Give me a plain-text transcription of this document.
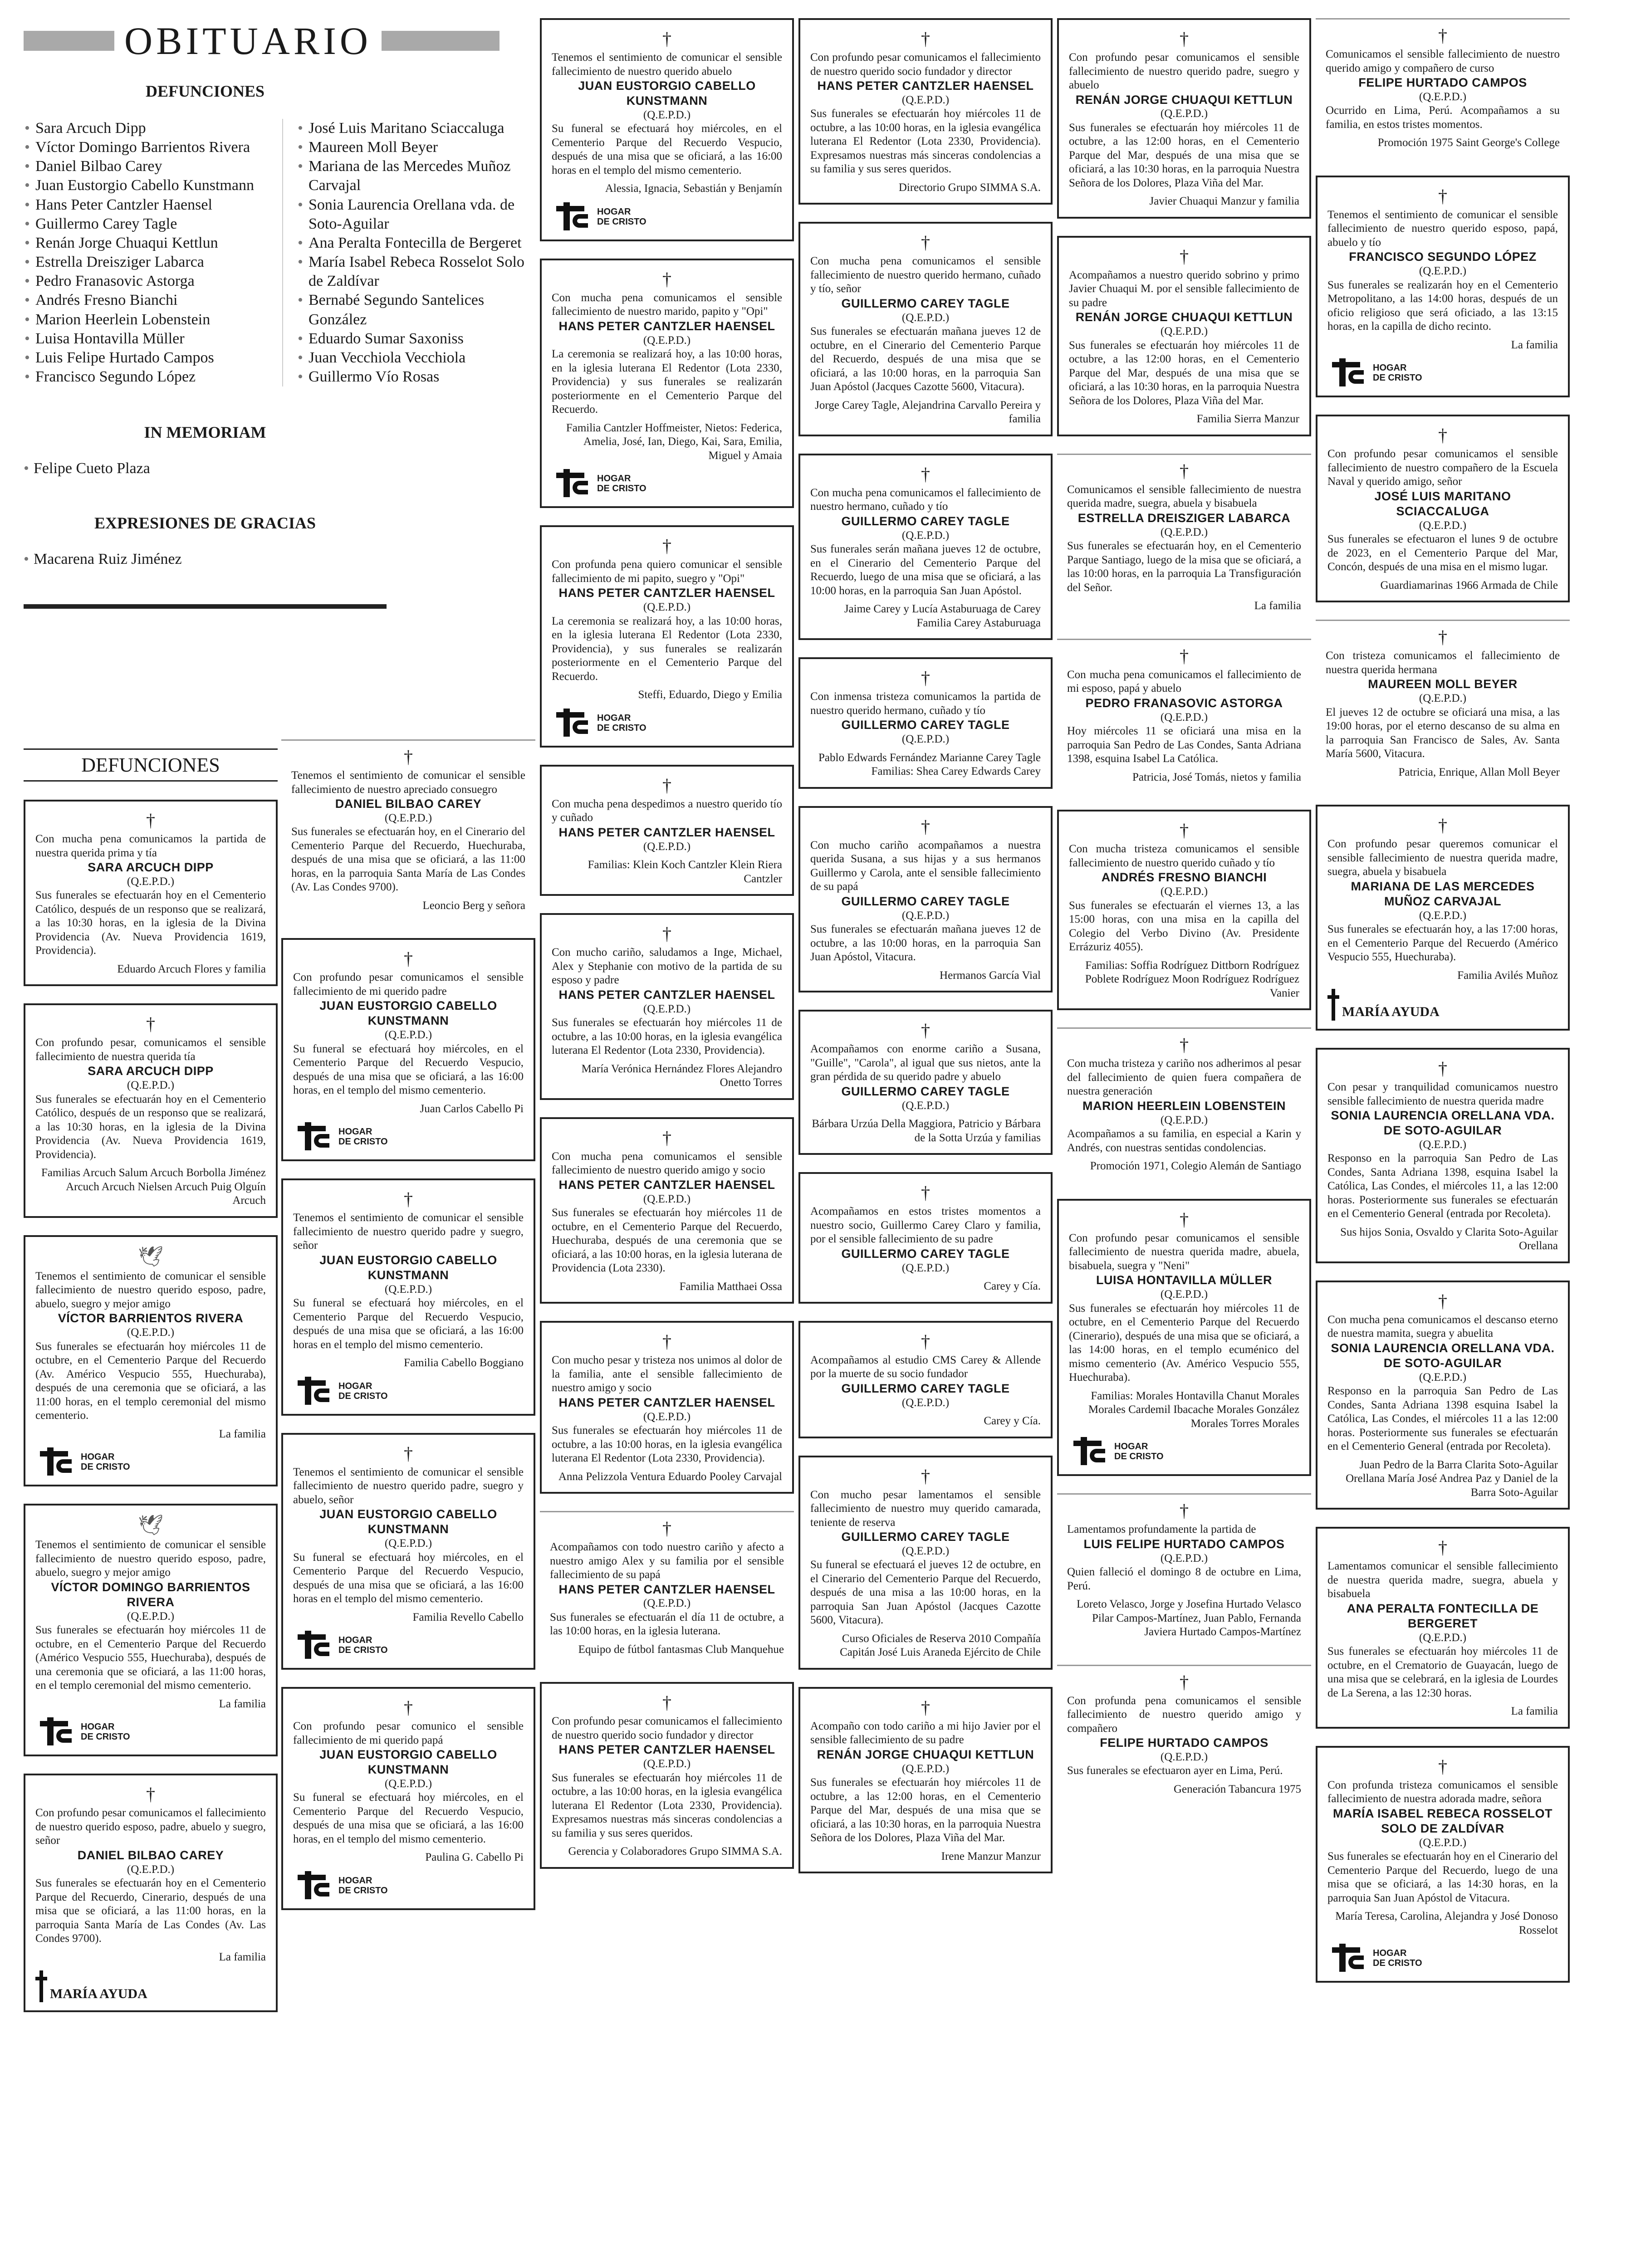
OBITUARIO
DEFUNCIONES
• Sara Arcuch Dipp
• Víctor Domingo Barrientos Rivera
• Daniel Bilbao Carey
• Juan Eustorgio Cabello Kunstmann
• Hans Peter Cantzler Haensel
• Guillermo Carey Tagle
• Renán Jorge Chuaqui Kettlun
• Estrella Dreisziger Labarca
• Pedro Franasovic Astorga
• Andrés Fresno Bianchi
• Marion Heerlein Lobenstein
• Luisa Hontavilla Müller
• Luis Felipe Hurtado Campos
• Francisco Segundo López
• José Luis Maritano Sciaccaluga
• Maureen Moll Beyer
• Mariana de las Mercedes Muñoz Carvajal
• Sonia Laurencia Orellana vda. de Soto-Aguilar
• Ana Peralta Fontecilla de Bergeret
• María Isabel Rebeca Rosselot Solo de Zaldívar
• Bernabé Segundo Santelices González
• Eduardo Sumar Saxoniss
• Juan Vecchiola Vecchiola
• Guillermo Vío Rosas
IN MEMORIAM
• Felipe Cueto Plaza
EXPRESIONES DE GRACIAS
• Macarena Ruiz Jiménez
DEFUNCIONES
†

Con mucha pena comunicamos la partida de nuestra querida prima y tía

SARA ARCUCH DIPP
(Q.E.P.D.)

Sus funerales se efectuarán hoy en el Cementerio Católico, después de un responso que se realizará, a las 10:30 horas, en la iglesia de la Divina Providencia (Av. Nueva Providencia 1619, Providencia).

Eduardo Arcuch Flores y familia
†

Con profundo pesar, comunicamos el sensible fallecimiento de nuestra querida tía

SARA ARCUCH DIPP
(Q.E.P.D.)

Sus funerales se efectuarán hoy en el Cementerio Católico, después de un responso que se realizará, a las 10:30 horas, en la iglesia de la Divina Providencia (Av. Nueva Providencia 1619, Providencia).

Familias Arcuch Salum Arcuch Borbolla Jiménez Arcuch Arcuch Nielsen Arcuch Puig Olguín Arcuch
🕊

Tenemos el sentimiento de comunicar el sensible fallecimiento de nuestro querido esposo, padre, abuelo, suegro y mejor amigo

VÍCTOR BARRIENTOS RIVERA
(Q.E.P.D.)

Sus funerales se efectuarán hoy miércoles 11 de octubre, en el Cementerio Parque del Recuerdo (Av. Américo Vespucio 555, Huechuraba), después de una ceremonia que se oficiará, a las 11:00 horas, en el templo ceremonial del mismo cementerio.

La familia
HOGAR
DE CRISTO
🕊

Tenemos el sentimiento de comunicar el sensible fallecimiento de nuestro querido esposo, padre, abuelo, suegro y mejor amigo

VÍCTOR DOMINGO BARRIENTOS RIVERA
(Q.E.P.D.)

Sus funerales se efectuarán hoy miércoles 11 de octubre, en el Cementerio Parque del Recuerdo (Américo Vespucio 555, Huechuraba), después de una ceremonia que se oficiará, a las 11:00 horas, en el templo ceremonial del mismo cementerio.

La familia
HOGAR
DE CRISTO
†

Con profundo pesar comunicamos el fallecimiento de nuestro querido esposo, padre, abuelo y suegro, señor

DANIEL BILBAO CAREY
(Q.E.P.D.)

Sus funerales se efectuarán hoy en el Cementerio Parque del Recuerdo, Cinerario, después de una misa que se oficiará, a las 11:00 horas, en la parroquia Santa María de Las Condes (Av. Las Condes 9700).

La familia
MARÍA AYUDA
†

Tenemos el sentimiento de comunicar el sensible fallecimiento de nuestro apreciado consuegro

DANIEL BILBAO CAREY
(Q.E.P.D.)

Sus funerales se efectuarán hoy, en el Cinerario del Cementerio Parque del Recuerdo, Huechuraba, después de una misa que se oficiará, a las 11:00 horas, en la parroquia Santa María de Las Condes (Av. Las Condes 9700).

Leoncio Berg y señora
†

Con profundo pesar comunicamos el sensible fallecimiento de mi querido padre

JUAN EUSTORGIO CABELLO KUNSTMANN
(Q.E.P.D.)

Su funeral se efectuará hoy miércoles, en el Cementerio Parque del Recuerdo Vespucio, después de una misa que se oficiará, a las 16:00 horas, en el templo del mismo cementerio.

Juan Carlos Cabello Pi
HOGAR
DE CRISTO
†

Tenemos el sentimiento de comunicar el sensible fallecimiento de nuestro querido padre y suegro, señor

JUAN EUSTORGIO CABELLO KUNSTMANN
(Q.E.P.D.)

Su funeral se efectuará hoy miércoles, en el Cementerio Parque del Recuerdo Vespucio, después de una misa que se oficiará, a las 16:00 horas en el templo del mismo cementerio.

Familia Cabello Boggiano
HOGAR
DE CRISTO
†

Tenemos el sentimiento de comunicar el sensible fallecimiento de nuestro querido padre, suegro y abuelo, señor

JUAN EUSTORGIO CABELLO KUNSTMANN
(Q.E.P.D.)

Su funeral se efectuará hoy miércoles, en el Cementerio Parque del Recuerdo Vespucio, después de una misa que se oficiará, a las 16:00 horas en el templo del mismo cementerio.

Familia Revello Cabello
HOGAR
DE CRISTO
†

Con profundo pesar comunico el sensible fallecimiento de mi querido papá

JUAN EUSTORGIO CABELLO KUNSTMANN
(Q.E.P.D.)

Su funeral se efectuará hoy miércoles, en el Cementerio Parque del Recuerdo Vespucio, después de una misa que se oficiará, a las 16:00 horas, en el templo del mismo cementerio.

Paulina G. Cabello Pi
HOGAR
DE CRISTO
†

Tenemos el sentimiento de comunicar el sensible fallecimiento de nuestro querido abuelo

JUAN EUSTORGIO CABELLO KUNSTMANN
(Q.E.P.D.)

Su funeral se efectuará hoy miércoles, en el Cementerio Parque del Recuerdo Vespucio, después de una misa que se oficiará, a las 16:00 horas en el templo del mismo cementerio.

Alessia, Ignacia, Sebastián y Benjamín
HOGAR
DE CRISTO
†

Con mucha pena comunicamos el sensible fallecimiento de nuestro marido, papito y "Opi"

HANS PETER CANTZLER HAENSEL
(Q.E.P.D.)

La ceremonia se realizará hoy, a las 10:00 horas, en la iglesia luterana El Redentor (Lota 2330, Providencia) y sus funerales se realizarán posteriormente en el Cementerio Parque del Recuerdo.

Familia Cantzler Hoffmeister, Nietos: Federica, Amelia, José, Ian, Diego, Kai, Sara, Emilia, Miguel y Amaia
HOGAR
DE CRISTO
†

Con profunda pena quiero comunicar el sensible fallecimiento de mi papito, suegro y "Opi"

HANS PETER CANTZLER HAENSEL
(Q.E.P.D.)

La ceremonia se realizará hoy, a las 10:00 horas, en la iglesia luterana El Redentor (Lota 2330, Providencia), y sus funerales se realizarán posteriormente en el Cementerio Parque del Recuerdo.

Steffi, Eduardo, Diego y Emilia
HOGAR
DE CRISTO
†

Con mucha pena despedimos a nuestro querido tío y cuñado

HANS PETER CANTZLER HAENSEL
(Q.E.P.D.)
Familias: Klein Koch Cantzler Klein Riera Cantzler
†

Con mucho cariño, saludamos a Inge, Michael, Alex y Stephanie con motivo de la partida de su esposo y padre

HANS PETER CANTZLER HAENSEL
(Q.E.P.D.)

Sus funerales se efectuarán hoy miércoles 11 de octubre, a las 10:00 horas, en la iglesia evangélica luterana El Redentor (Lota 2330, Providencia).

María Verónica Hernández Flores Alejandro Onetto Torres
†

Con mucha pena comunicamos el sensible fallecimiento de nuestro querido amigo y socio

HANS PETER CANTZLER HAENSEL
(Q.E.P.D.)

Sus funerales se efectuarán hoy miércoles 11 de octubre, en el Cementerio Parque del Recuerdo, Huechuraba, después de una ceremonia que se oficiará, a las 10:00 horas, en la iglesia luterana de Providencia (Lota 2330).

Familia Matthaei Ossa
†

Con mucho pesar y tristeza nos unimos al dolor de la familia, ante el sensible fallecimiento de nuestro amigo y socio

HANS PETER CANTZLER HAENSEL
(Q.E.P.D.)

Sus funerales se efectuarán hoy miércoles 11 de octubre, a las 10:00 horas, en la iglesia evangélica luterana El Redentor (Lota 2330, Providencia).

Anna Pelizzola Ventura Eduardo Pooley Carvajal
†

Acompañamos con todo nuestro cariño y afecto a nuestro amigo Alex y su familia por el sensible fallecimiento de su papá

HANS PETER CANTZLER HAENSEL
(Q.E.P.D.)

Sus funerales se efectuarán el día 11 de octubre, a las 10:00 horas, en la iglesia luterana.

Equipo de fútbol fantasmas Club Manquehue
†

Con profundo pesar comunicamos el fallecimiento de nuestro querido socio fundador y director

HANS PETER CANTZLER HAENSEL
(Q.E.P.D.)

Sus funerales se efectuarán hoy miércoles 11 de octubre, a las 10:00 horas, en la iglesia evangélica luterana El Redentor (Lota 2330, Providencia). Expresamos nuestras más sinceras condolencias a su familia y sus seres queridos.

Gerencia y Colaboradores Grupo SIMMA S.A.
†

Con profundo pesar comunicamos el fallecimiento de nuestro querido socio fundador y director

HANS PETER CANTZLER HAENSEL
(Q.E.P.D.)

Sus funerales se efectuarán hoy miércoles 11 de octubre, a las 10:00 horas, en la iglesia evangélica luterana El Redentor (Lota 2330, Providencia). Expresamos nuestras más sinceras condolencias a su familia y sus seres queridos.

Directorio Grupo SIMMA S.A.
†

Con mucha pena comunicamos el sensible fallecimiento de nuestro querido hermano, cuñado y tío, señor

GUILLERMO CAREY TAGLE
(Q.E.P.D.)

Sus funerales se efectuarán mañana jueves 12 de octubre, en el Cinerario del Cementerio Parque del Recuerdo, después de una misa que se oficiará, a las 10:00 horas, en la parroquia San Juan Apóstol (Jacques Cazotte 5600, Vitacura).

Jorge Carey Tagle, Alejandrina Carvallo Pereira y familia
†

Con mucha pena comunicamos el fallecimiento de nuestro hermano, cuñado y tío

GUILLERMO CAREY TAGLE
(Q.E.P.D.)

Sus funerales serán mañana jueves 12 de octubre, en el Cinerario del Cementerio Parque del Recuerdo, luego de una misa que se oficiará, a las 10:00 horas, en la parroquia San Juan Apóstol.

Jaime Carey y Lucía Astaburuaga de Carey Familia Carey Astaburuaga
†

Con inmensa tristeza comunicamos la partida de nuestro querido hermano, cuñado y tío

GUILLERMO CAREY TAGLE
(Q.E.P.D.)
Pablo Edwards Fernández Marianne Carey Tagle Familias: Shea Carey Edwards Carey
†

Con mucho cariño acompañamos a nuestra querida Susana, a sus hijas y a sus hermanos Guillermo y Carola, ante el sensible fallecimiento de su papá

GUILLERMO CAREY TAGLE
(Q.E.P.D.)

Sus funerales se efectuarán mañana jueves 12 de octubre, a las 10:00 horas, en la parroquia San Juan Apóstol, Vitacura.

Hermanos García Vial
†

Acompañamos con enorme cariño a Susana, "Guille", "Carola", al igual que sus nietos, ante la gran pérdida de su querido padre y abuelo

GUILLERMO CAREY TAGLE
(Q.E.P.D.)
Bárbara Urzúa Della Maggiora, Patricio y Bárbara de la Sotta Urzúa y familias
†

Acompañamos en estos tristes momentos a nuestro socio, Guillermo Carey Claro y familia, por el sensible fallecimiento de su padre

GUILLERMO CAREY TAGLE
(Q.E.P.D.)
Carey y Cía.
†

Acompañamos al estudio CMS Carey & Allende por la muerte de su socio fundador

GUILLERMO CAREY TAGLE
(Q.E.P.D.)
Carey y Cía.
†

Con mucho pesar lamentamos el sensible fallecimiento de nuestro muy querido camarada, teniente de reserva

GUILLERMO CAREY TAGLE
(Q.E.P.D.)

Su funeral se efectuará el jueves 12 de octubre, en el Cinerario del Cementerio Parque del Recuerdo, después de una misa a las 10:00 horas, en la parroquia San Juan Apóstol (Jacques Cazotte 5600, Vitacura).

Curso Oficiales de Reserva 2010 Compañía Capitán José Luis Araneda Ejército de Chile
†

Acompaño con todo cariño a mi hijo Javier por el sensible fallecimiento de su padre

RENÁN JORGE CHUAQUI KETTLUN
(Q.E.P.D.)

Sus funerales se efectuarán hoy miércoles 11 de octubre, a las 12:00 horas, en el Cementerio Parque del Mar, después de una misa que se oficiará, a las 10:30 horas, en la parroquia Nuestra Señora de los Dolores, Plaza Viña del Mar.

Irene Manzur Manzur
†

Con profundo pesar comunicamos el sensible fallecimiento de nuestro querido padre, suegro y abuelo

RENÁN JORGE CHUAQUI KETTLUN
(Q.E.P.D.)

Sus funerales se efectuarán hoy miércoles 11 de octubre, a las 12:00 horas, en el Cementerio Parque del Mar, después de una misa que se oficiará, a las 10:30 horas, en la parroquia Nuestra Señora de los Dolores, Plaza Viña del Mar.

Javier Chuaqui Manzur y familia
†

Acompañamos a nuestro querido sobrino y primo Javier Chuaqui M. por el sensible fallecimiento de su padre

RENÁN JORGE CHUAQUI KETTLUN
(Q.E.P.D.)

Sus funerales se efectuarán hoy miércoles 11 de octubre, a las 12:00 horas, en el Cementerio Parque del Mar, después de una misa que se oficiará, a las 10:30 horas, en la parroquia Nuestra Señora de los Dolores, Plaza Viña del Mar.

Familia Sierra Manzur
†

Comunicamos el sensible fallecimiento de nuestra querida madre, suegra, abuela y bisabuela

ESTRELLA DREISZIGER LABARCA
(Q.E.P.D.)

Sus funerales se efectuarán hoy, en el Cementerio Parque Santiago, luego de la misa que se oficiará, a las 10:00 horas, en la parroquia La Transfiguración del Señor.

La familia
†

Con mucha pena comunicamos el fallecimiento de mi esposo, papá y abuelo

PEDRO FRANASOVIC ASTORGA
(Q.E.P.D.)

Hoy miércoles 11 se oficiará una misa en la parroquia San Pedro de Las Condes, Santa Adriana 1398, esquina Isabel La Católica.

Patricia, José Tomás, nietos y familia
†

Con mucha tristeza comunicamos el sensible fallecimiento de nuestro querido cuñado y tío

ANDRÉS FRESNO BIANCHI
(Q.E.P.D.)

Sus funerales se efectuarán el viernes 13, a las 15:00 horas, con una misa en la capilla del Colegio del Verbo Divino (Av. Presidente Errázuriz 4055).

Familias: Soffia Rodríguez Dittborn Rodríguez Poblete Rodríguez Moon Rodríguez Rodríguez Vanier
†

Con mucha tristeza y cariño nos adherimos al pesar del fallecimiento de quien fuera compañera de nuestra generación

MARION HEERLEIN LOBENSTEIN
(Q.E.P.D.)

Acompañamos a su familia, en especial a Karin y Andrés, con nuestras sentidas condolencias.

Promoción 1971, Colegio Alemán de Santiago
†

Con profundo pesar comunicamos el sensible fallecimiento de nuestra querida madre, abuela, bisabuela, suegra y "Neni"

LUISA HONTAVILLA MÜLLER
(Q.E.P.D.)

Sus funerales se efectuarán hoy miércoles 11 de octubre, en el Cementerio Parque del Recuerdo (Cinerario), después de una misa que se oficiará, a las 14:00 horas, en el templo ecuménico del mismo cementerio (Av. Américo Vespucio 555, Huechuraba).

Familias: Morales Hontavilla Chanut Morales Morales Cardemil Ibacache Morales González Morales Torres Morales
HOGAR
DE CRISTO
†

Lamentamos profundamente la partida de

LUIS FELIPE HURTADO CAMPOS
(Q.E.P.D.)

Quien falleció el domingo 8 de octubre en Lima, Perú.

Loreto Velasco, Jorge y Josefina Hurtado Velasco Pilar Campos-Martínez, Juan Pablo, Fernanda Javiera Hurtado Campos-Martínez
†

Con profunda pena comunicamos el sensible fallecimiento de nuestro querido amigo y compañero

FELIPE HURTADO CAMPOS
(Q.E.P.D.)

Sus funerales se efectuaron ayer en Lima, Perú.

Generación Tabancura 1975
†

Comunicamos el sensible fallecimiento de nuestro querido amigo y compañero de curso

FELIPE HURTADO CAMPOS
(Q.E.P.D.)

Ocurrido en Lima, Perú. Acompañamos a su familia, en estos tristes momentos.

Promoción 1975 Saint George's College
†

Tenemos el sentimiento de comunicar el sensible fallecimiento de nuestro querido esposo, papá, abuelo y tío

FRANCISCO SEGUNDO LÓPEZ
(Q.E.P.D.)

Sus funerales se realizarán hoy en el Cementerio Metropolitano, a las 14:00 horas, después de un oficio religioso que será oficiado, a las 13:15 horas, en la capilla de dicho recinto.

La familia
HOGAR
DE CRISTO
†

Con profundo pesar comunicamos el sensible fallecimiento de nuestro compañero de la Escuela Naval y querido amigo, señor

JOSÉ LUIS MARITANO SCIACCALUGA
(Q.E.P.D.)

Sus funerales se efectuaron el lunes 9 de octubre de 2023, en el Cementerio Parque del Mar, Concón, después de una misa en el mismo lugar.

Guardiamarinas 1966 Armada de Chile
†

Con tristeza comunicamos el fallecimiento de nuestra querida hermana

MAUREEN MOLL BEYER
(Q.E.P.D.)

El jueves 12 de octubre se oficiará una misa, a las 19:00 horas, por el eterno descanso de su alma en la parroquia San Francisco de Sales, Av. Santa María 5600, Vitacura.

Patricia, Enrique, Allan Moll Beyer
†

Con profundo pesar queremos comunicar el sensible fallecimiento de nuestra querida madre, suegra, abuela y bisabuela

MARIANA DE LAS MERCEDES MUÑOZ CARVAJAL
(Q.E.P.D.)

Sus funerales se efectuarán hoy, a las 17:00 horas, en el Cementerio Parque del Recuerdo (Américo Vespucio 555, Huechuraba).

Familia Avilés Muñoz
MARÍA AYUDA
†

Con pesar y tranquilidad comunicamos nuestro sensible fallecimiento de nuestra querida madre

SONIA LAURENCIA ORELLANA VDA. DE SOTO-AGUILAR
(Q.E.P.D.)

Responso en la parroquia San Pedro de Las Condes, Santa Adriana 1398, esquina Isabel la Católica, Las Condes, el miércoles 11, a las 12:00 horas. Posteriormente sus funerales se efectuarán en el Cementerio General (entrada por Recoleta).

Sus hijos Sonia, Osvaldo y Clarita Soto-Aguilar Orellana
†

Con mucha pena comunicamos el descanso eterno de nuestra mamita, suegra y abuelita

SONIA LAURENCIA ORELLANA VDA. DE SOTO-AGUILAR
(Q.E.P.D.)

Responso en la parroquia San Pedro de Las Condes, Santa Adriana 1398 esquina Isabel la Católica, Las Condes, el miércoles 11 a las 12:00 horas. Posteriormente sus funerales se efectuarán en el Cementerio General (entrada por Recoleta).

Juan Pedro de la Barra Clarita Soto-Aguilar Orellana María José Andrea Paz y Daniel de la Barra Soto-Aguilar
†

Lamentamos comunicar el sensible fallecimiento de nuestra querida madre, suegra, abuela y bisabuela

ANA PERALTA FONTECILLA DE BERGERET
(Q.E.P.D.)

Sus funerales se efectuarán hoy miércoles 11 de octubre, en el Crematorio de Guayacán, luego de una misa que se celebrará, en la iglesia de Lourdes de La Serena, a las 12:30 horas.

La familia
†

Con profunda tristeza comunicamos el sensible fallecimiento de nuestra adorada madre, señora

MARÍA ISABEL REBECA ROSSELOT SOLO DE ZALDÍVAR
(Q.E.P.D.)

Sus funerales se efectuarán hoy en el Cinerario del Cementerio Parque del Recuerdo, luego de una misa que se oficiará, a las 14:30 horas, en la parroquia San Juan Apóstol de Vitacura.

María Teresa, Carolina, Alejandra y José Donoso Rosselot
HOGAR
DE CRISTO
